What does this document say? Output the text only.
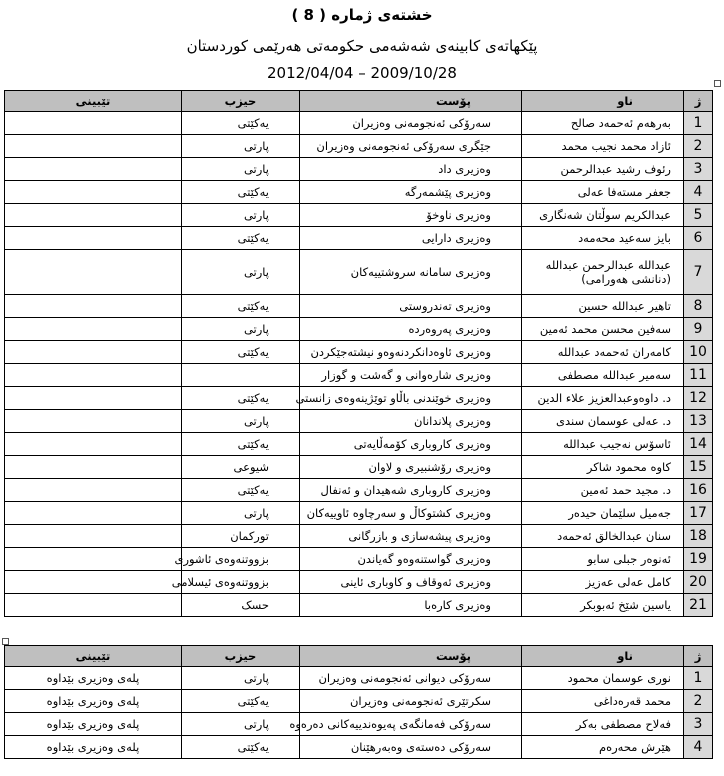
خشتەی ژمارە ( 8 )
پێکهاتەی کابینەی شەشەمی حکومەتی هەرێمی کوردستان
2012/04/04 – 2009/10/28
ژ	ناو	پۆست	حیزب	تێبینی
1	بەرهەم ئەحمەد صالح	سەرۆکی ئەنجومەنی وەزیران	یەکێتی	
2	ئازاد محمد نجیب محمد	جێگری سەرۆکی ئەنجومەنی وەزیران	پارتی	
3	رئوف رشید عبدالرحمن	وەزیری داد	پارتی	
4	جعفر مستەفا عەلی	وەزیری پێشمەرگە	یەکێتی	
5	عبدالکریم سوڵتان شەنگاری	وەزیری ناوخۆ	پارتی	
6	بایز سەعید محەمەد	وەزیری دارایی	یەکێتی	
7	عبدالله عبدالرحمن عبدالله
(دنانشی هەورامی)	وەزیری سامانە سروشتییەکان	پارتی	
8	تاهیر عبدالله حسین	وەزیری تەندروستی	یەکێتی	
9	سەفین محسن محمد ئەمین	وەزیری پەروەردە	پارتی	
10	کامەران ئەحمەد عبدالله	وەزیری ئاوەدانکردنەوەو نیشتەجێکردن	یەکێتی	
11	سەمیر عبدالله مصطفی	وەزیری شارەوانی و گەشت و گوزار		
12	د. داوەوعبدالعزیز علاء الدین	وەزیری خوێندنی باڵاو توێژینەوەی زانستی	یەکێتی	
13	د. عەلی عوسمان سندی	وەزیری پلاندانان	پارتی	
14	ئاسۆس نەجیب عبدالله	وەزیری کاروباری کۆمەڵایەتی	یەکێتی	
15	کاوە محمود شاکر	وەزیری رۆشنبیری و لاوان	شیوعی	
16	د. مجید حمد ئەمین	وەزیری کاروباری شەهیدان و ئەنفال	یەکێتی	
17	جەمیل سلێمان حیدەر	وەزیری کشتوکاڵ و سەرچاوە ئاوییەکان	پارتی	
18	سنان عبدالخالق ئەحمەد	وەزیری پیشەسازی و بازرگانی	تورکمان	
19	ئەنوەر جبلی سابو	وەزیری گواستنەوەو گەیاندن	بزووتنەوەی ئاشوری	
20	کامل عەلی عەزیز	وەزیری ئەوقاف و کاوباری ئاینی	بزووتنەوەی ئیسلامی	
21	یاسین شێخ ئەبوبکر	وەزیری کارەبا	حسک	
ژ	ناو	پۆست	حیزب	تێبینی
1	نوری عوسمان محمود	سەرۆکی دیوانی ئەنجومەنی وەزیران	پارتی	پلەی وەزیری بێداوە
2	محمد قەرەداغی	سکرتێری ئەنجومەنی وەزیران	یەکێتی	پلەی وەزیری بێداوە
3	فەلاح مصطفی بەکر	سەرۆکی فەمانگەی پەیوەندییەکانی دەرەوە	پارتی	پلەی وەزیری بێداوە
4	هێرش محەرەم	سەرۆکی دەستەی وەبەرهێنان	یەکێتی	پلەی وەزیری بێداوە
